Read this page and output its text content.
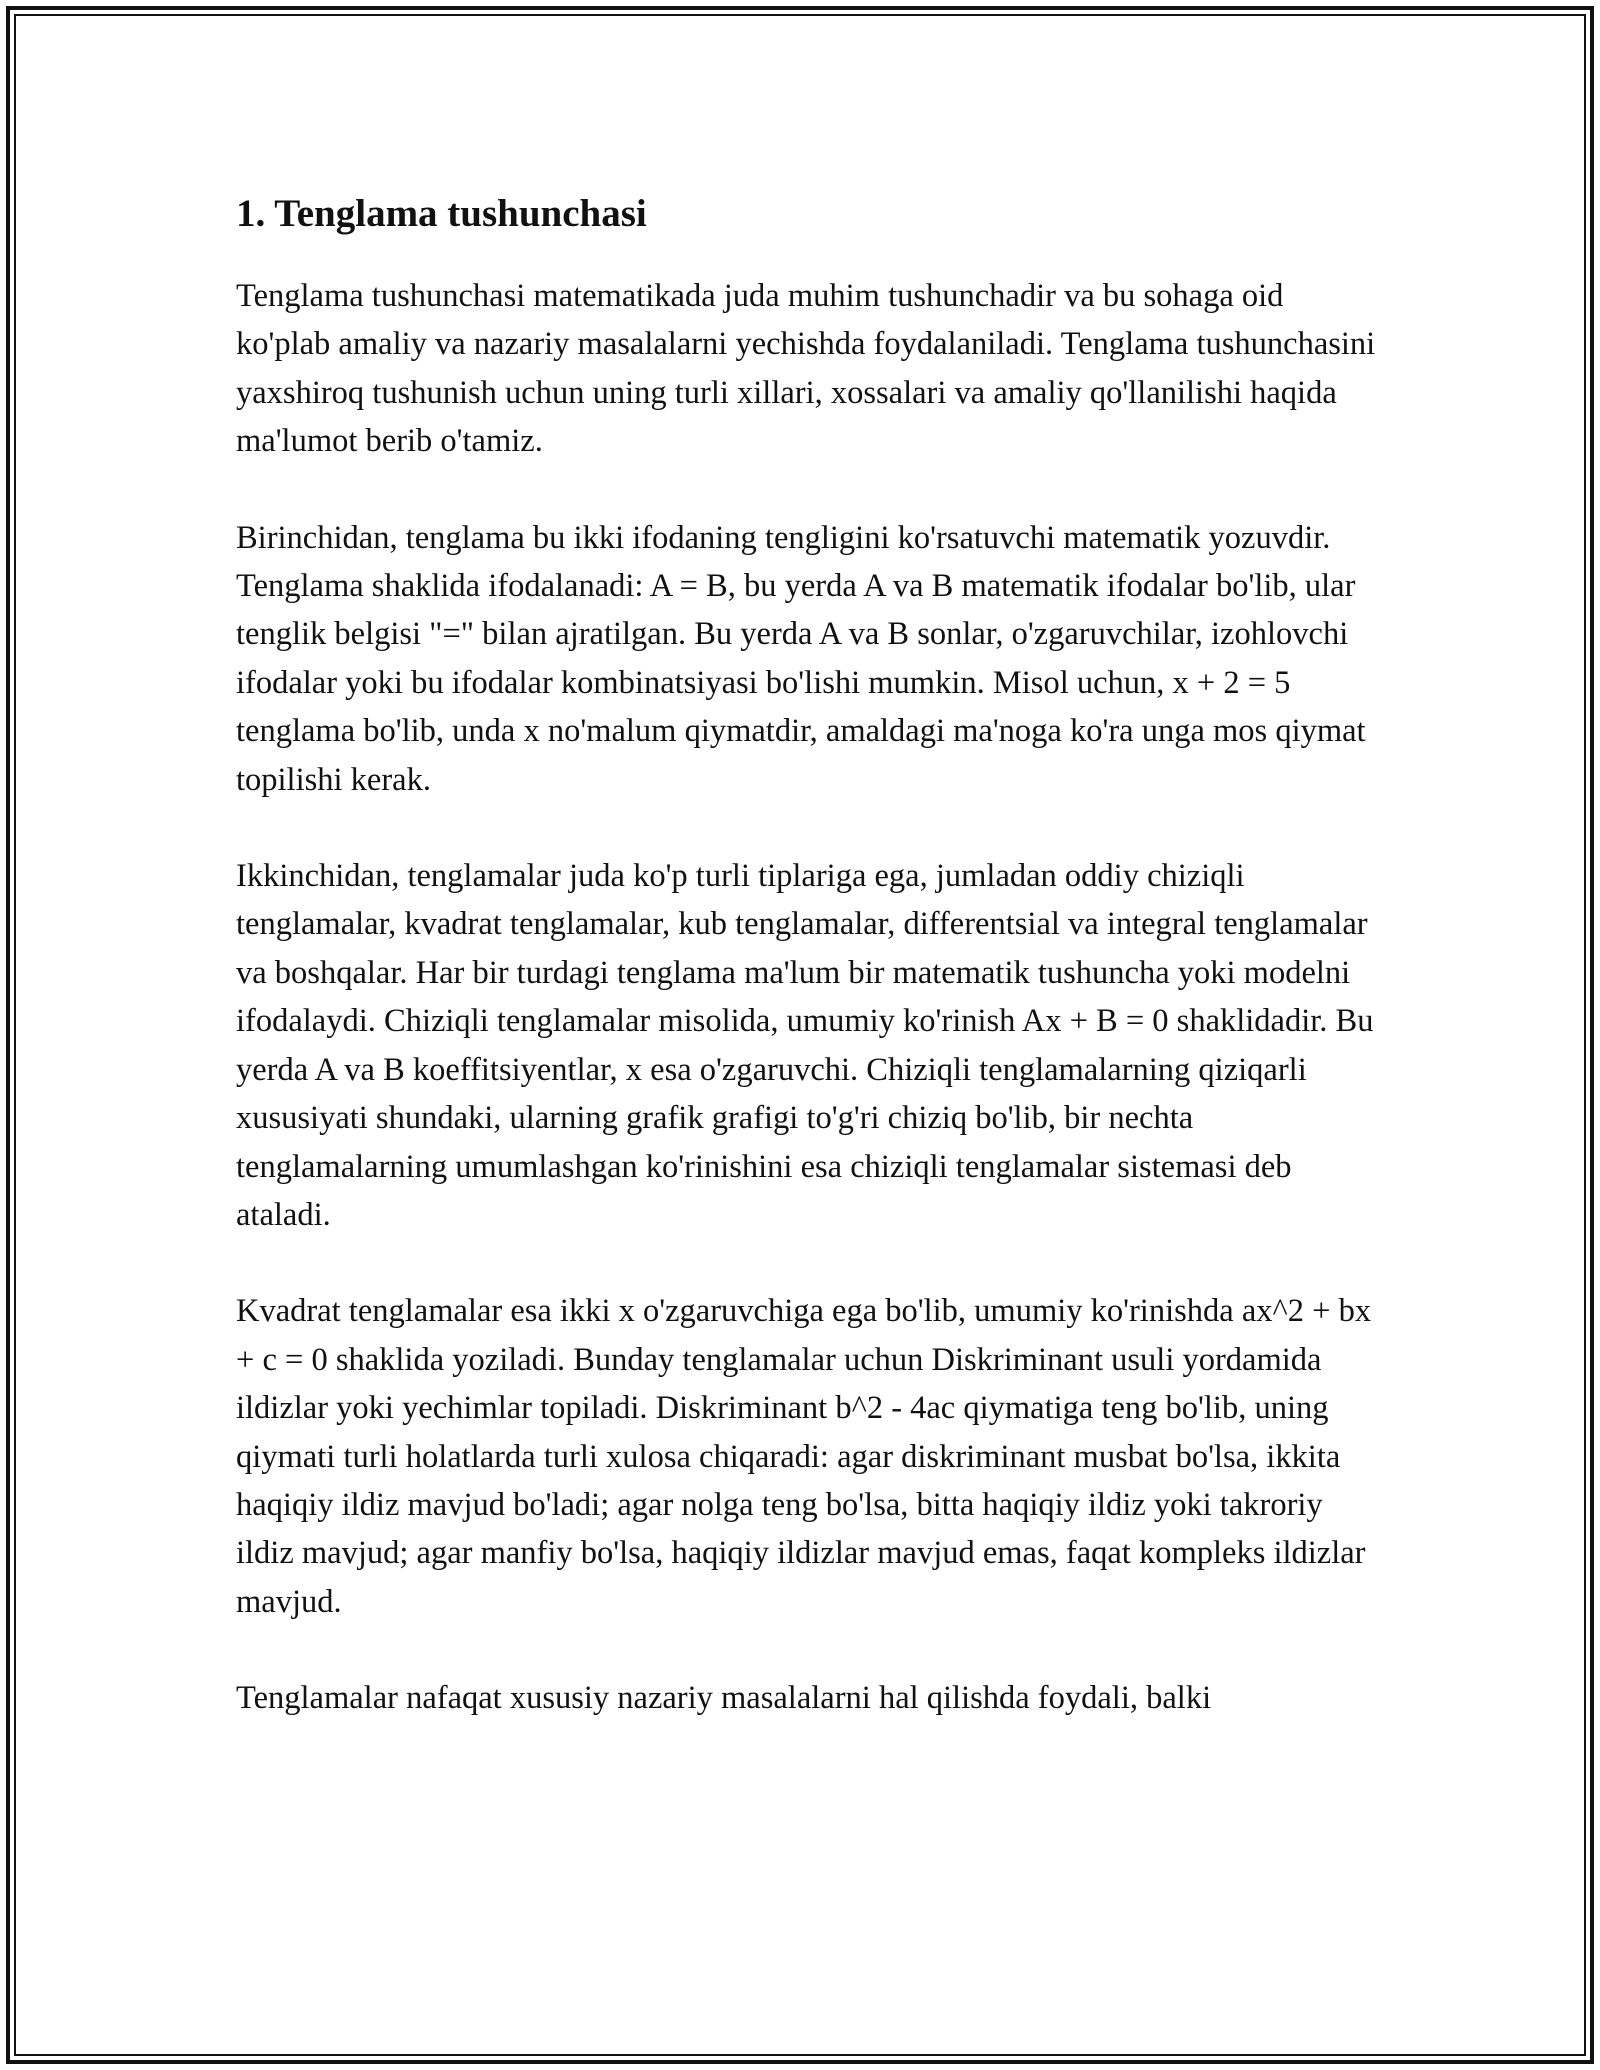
1. Tenglama tushunchasi

Tenglama tushunchasi matematikada juda muhim tushunchadir va bu sohaga oid ko'plab amaliy va nazariy masalalarni yechishda foydalaniladi. Tenglama tushunchasini yaxshiroq tushunish uchun uning turli xillari, xossalari va amaliy qo'llanilishi haqida ma'lumot berib o'tamiz.

Birinchidan, tenglama bu ikki ifodaning tengligini ko'rsatuvchi matematik yozuvdir. Tenglama shaklida ifodalanadi: A = B, bu yerda A va B matematik ifodalar bo'lib, ular tenglik belgisi "=" bilan ajratilgan. Bu yerda A va B sonlar, o'zgaruvchilar, izohlovchi ifodalar yoki bu ifodalar kombinatsiyasi bo'lishi mumkin. Misol uchun, x + 2 = 5 tenglama bo'lib, unda x no'malum qiymatdir, amaldagi ma'noga ko'ra unga mos qiymat topilishi kerak.

Ikkinchidan, tenglamalar juda ko'p turli tiplariga ega, jumladan oddiy chiziqli tenglamalar, kvadrat tenglamalar, kub tenglamalar, differentsial va integral tenglamalar va boshqalar. Har bir turdagi tenglama ma'lum bir matematik tushuncha yoki modelni ifodalaydi. Chiziqli tenglamalar misolida, umumiy ko'rinish Ax + B = 0 shaklidadir. Bu yerda A va B koeffitsiyentlar, x esa o'zgaruvchi. Chiziqli tenglamalarning qiziqarli xususiyati shundaki, ularning grafik grafigi to'g'ri chiziq bo'lib, bir nechta tenglamalarning umumlashgan ko'rinishini esa chiziqli tenglamalar sistemasi deb ataladi.

Kvadrat tenglamalar esa ikki x o'zgaruvchiga ega bo'lib, umumiy ko'rinishda ax^2 + bx + c = 0 shaklida yoziladi. Bunday tenglamalar uchun Diskriminant usuli yordamida ildizlar yoki yechimlar topiladi. Diskriminant b^2 - 4ac qiymatiga teng bo'lib, uning qiymati turli holatlarda turli xulosa chiqaradi: agar diskriminant musbat bo'lsa, ikkita haqiqiy ildiz mavjud bo'ladi; agar nolga teng bo'lsa, bitta haqiqiy ildiz yoki takroriy ildiz mavjud; agar manfiy bo'lsa, haqiqiy ildizlar mavjud emas, faqat kompleks ildizlar mavjud.

Tenglamalar nafaqat xususiy nazariy masalalarni hal qilishda foydali, balki
